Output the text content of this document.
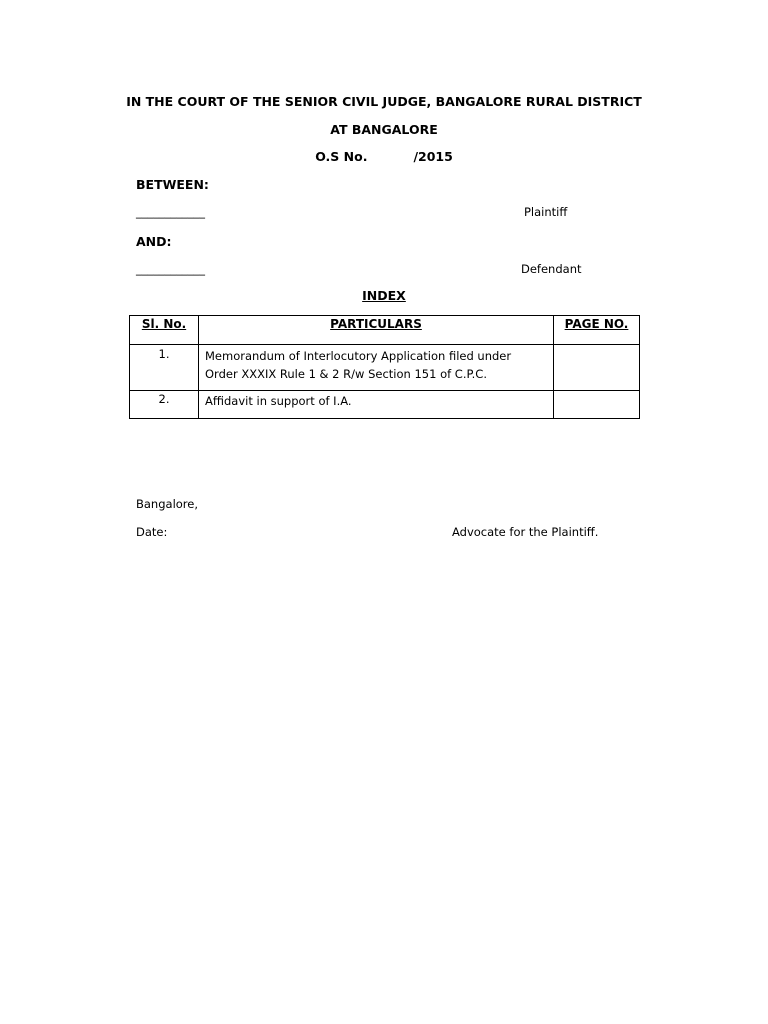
IN THE COURT OF THE SENIOR CIVIL JUDGE, BANGALORE RURAL DISTRICT
AT BANGALORE
O.S No.	/2015
BETWEEN:
____________	Plaintiff
AND:
____________	Defendant
INDEX
Sl. No.	PARTICULARS	PAGE NO.
1.	Memorandum of Interlocutory Application filed under Order XXXIX Rule 1 & 2 R/w Section 151 of C.P.C.	
2.	Affidavit in support of I.A.	
Bangalore,
Date:	Advocate for the Plaintiff.
